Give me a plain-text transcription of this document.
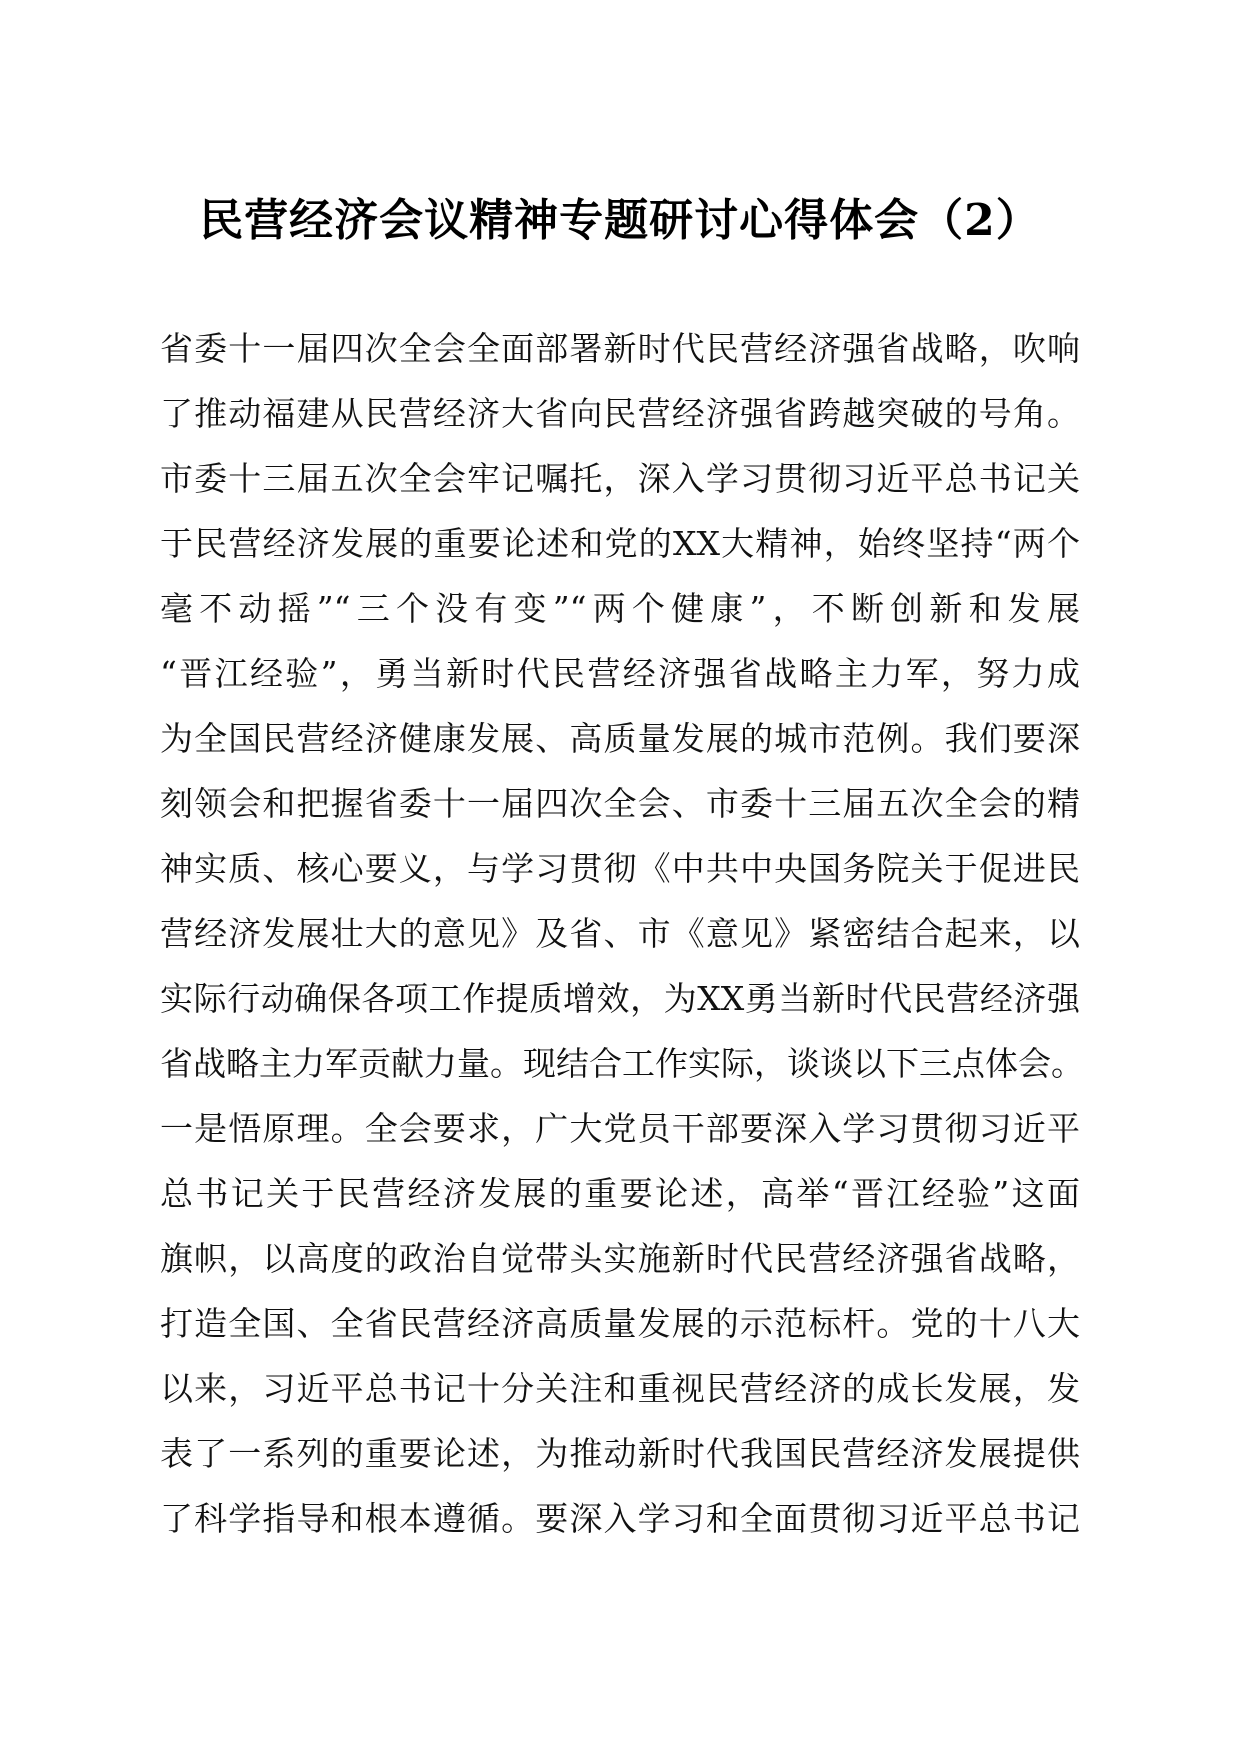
民营经济会议精神专题研讨心得体会（2）
省委十一届四次全会全面部署新时代民营经济强省战略，吹响
了推动福建从民营经济大省向民营经济强省跨越突破的号角。
市委十三届五次全会牢记嘱托，深入学习贯彻习近平总书记关
于民营经济发展的重要论述和党的XX大精神，始终坚持“两个
毫不动摇”“三个没有变”“两个健康”，不断创新和发展
“晋江经验”，勇当新时代民营经济强省战略主力军，努力成
为全国民营经济健康发展、高质量发展的城市范例。我们要深
刻领会和把握省委十一届四次全会、市委十三届五次全会的精
神实质、核心要义，与学习贯彻《中共中央国务院关于促进民
营经济发展壮大的意见》及省、市《意见》紧密结合起来，以
实际行动确保各项工作提质增效，为XX勇当新时代民营经济强
省战略主力军贡献力量。现结合工作实际，谈谈以下三点体会。
一是悟原理。全会要求，广大党员干部要深入学习贯彻习近平
总书记关于民营经济发展的重要论述，高举“晋江经验”这面
旗帜，以高度的政治自觉带头实施新时代民营经济强省战略，
打造全国、全省民营经济高质量发展的示范标杆。党的十八大
以来，习近平总书记十分关注和重视民营经济的成长发展，发
表了一系列的重要论述，为推动新时代我国民营经济发展提供
了科学指导和根本遵循。要深入学习和全面贯彻习近平总书记
